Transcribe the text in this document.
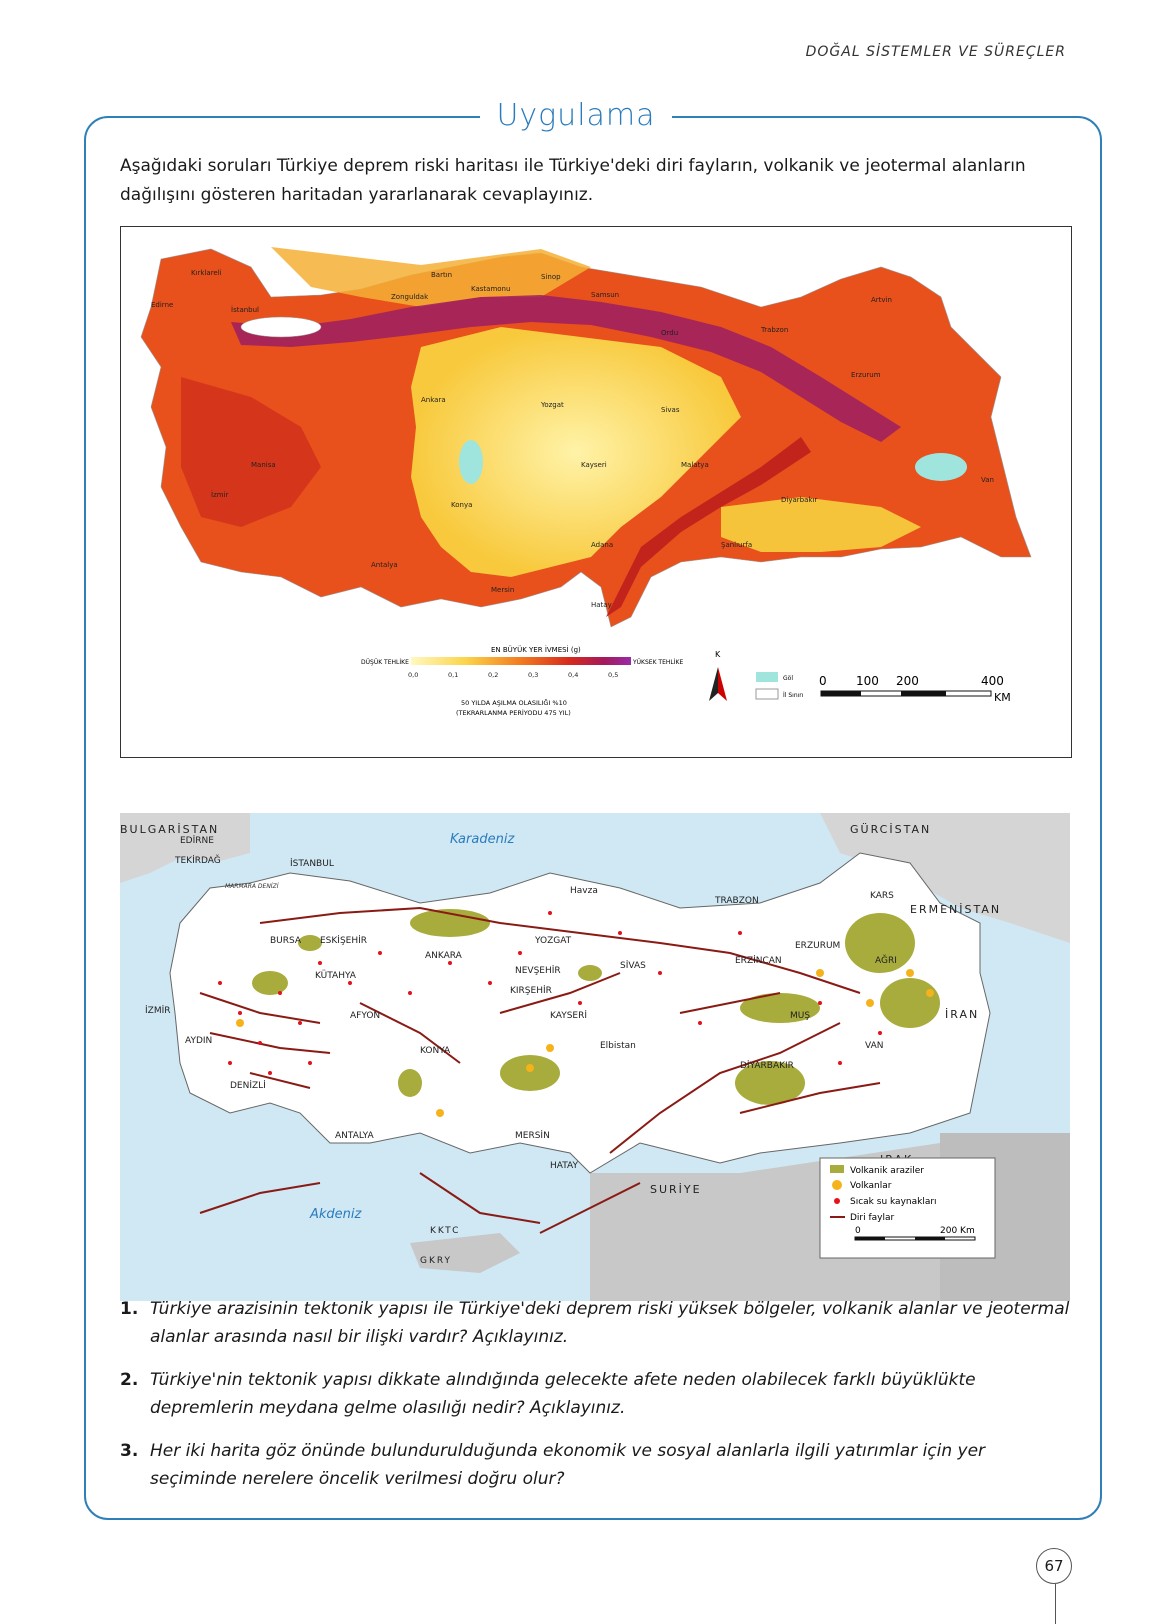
DOĞAL SİSTEMLER VE SÜREÇLER
Uygulama
Aşağıdaki soruları Türkiye deprem riski haritası ile Türkiye'deki diri fayların, volkanik ve jeotermal alanların dağılışını gösteren haritadan yararlanarak cevaplayınız.
Kırklareli
Edirne
İstanbul
Bartın	Sinop
Kastamonu
Zonguldak	Samsun
Artvin
Trabzon
Ordu
Ankara
Sivas
Erzurum
Van
Yozgat
Konya
Kayseri
Manisa
İzmir
Antalya
Mersin
Adana
Diyarbakır
Hatay
Malatya
Şanlıurfa
EN BÜYÜK YER İVMESİ (g)
DÜŞÜK TEHLİKE	YÜKSEK TEHLİKE
0,0	0,1	0,2	0,3	0,4	0,5
50 YILDA AŞILMA OLASILIĞI %10
(TEKRARLANMA PERİYODU 475 YIL)
K
Göl
İl Sınırı
0 100 200	400
KM
Karadeniz
Akdeniz
MARMARA DENİZİ
BULGARİSTAN	GÜRCİSTAN
ERMENİSTAN
İRAN
SURİYE
KKTC
GKRY
EDİRNE
TEKİRDAĞ	İSTANBUL
BURSA ESKİŞEHİR
KÜTAHYA
İZMİR
AYDIN
DENİZLİ
AFYON
ANKARA
KONYA
ANTALYA
YOZGAT
NEVŞEHİR
KIRŞEHİR
KAYSERİ
SİVAS
Havza
TRABZON
ERZİNCAN
ERZURUM
KARS
AĞRI
MUŞ
VAN
DİYARBAKIR
Elbistan
MERSİN
HATAY	Volkanik araziler
Volkanlar
Sıcak su kaynakları
Diri faylar
0	200 Km
1. Türkiye arazisinin tektonik yapısı ile Türkiye'deki deprem riski yüksek bölgeler, volkanik alanlar ve jeotermal alanlar arasında nasıl bir ilişki vardır? Açıklayınız.
2. Türkiye'nin tektonik yapısı dikkate alındığında gelecekte afete neden olabilecek farklı büyüklükte depremlerin meydana gelme olasılığı nedir? Açıklayınız.
3. Her iki harita göz önünde bulundurulduğunda ekonomik ve sosyal alanlarla ilgili yatırımlar için yer seçiminde nerelere öncelik verilmesi doğru olur?
67
